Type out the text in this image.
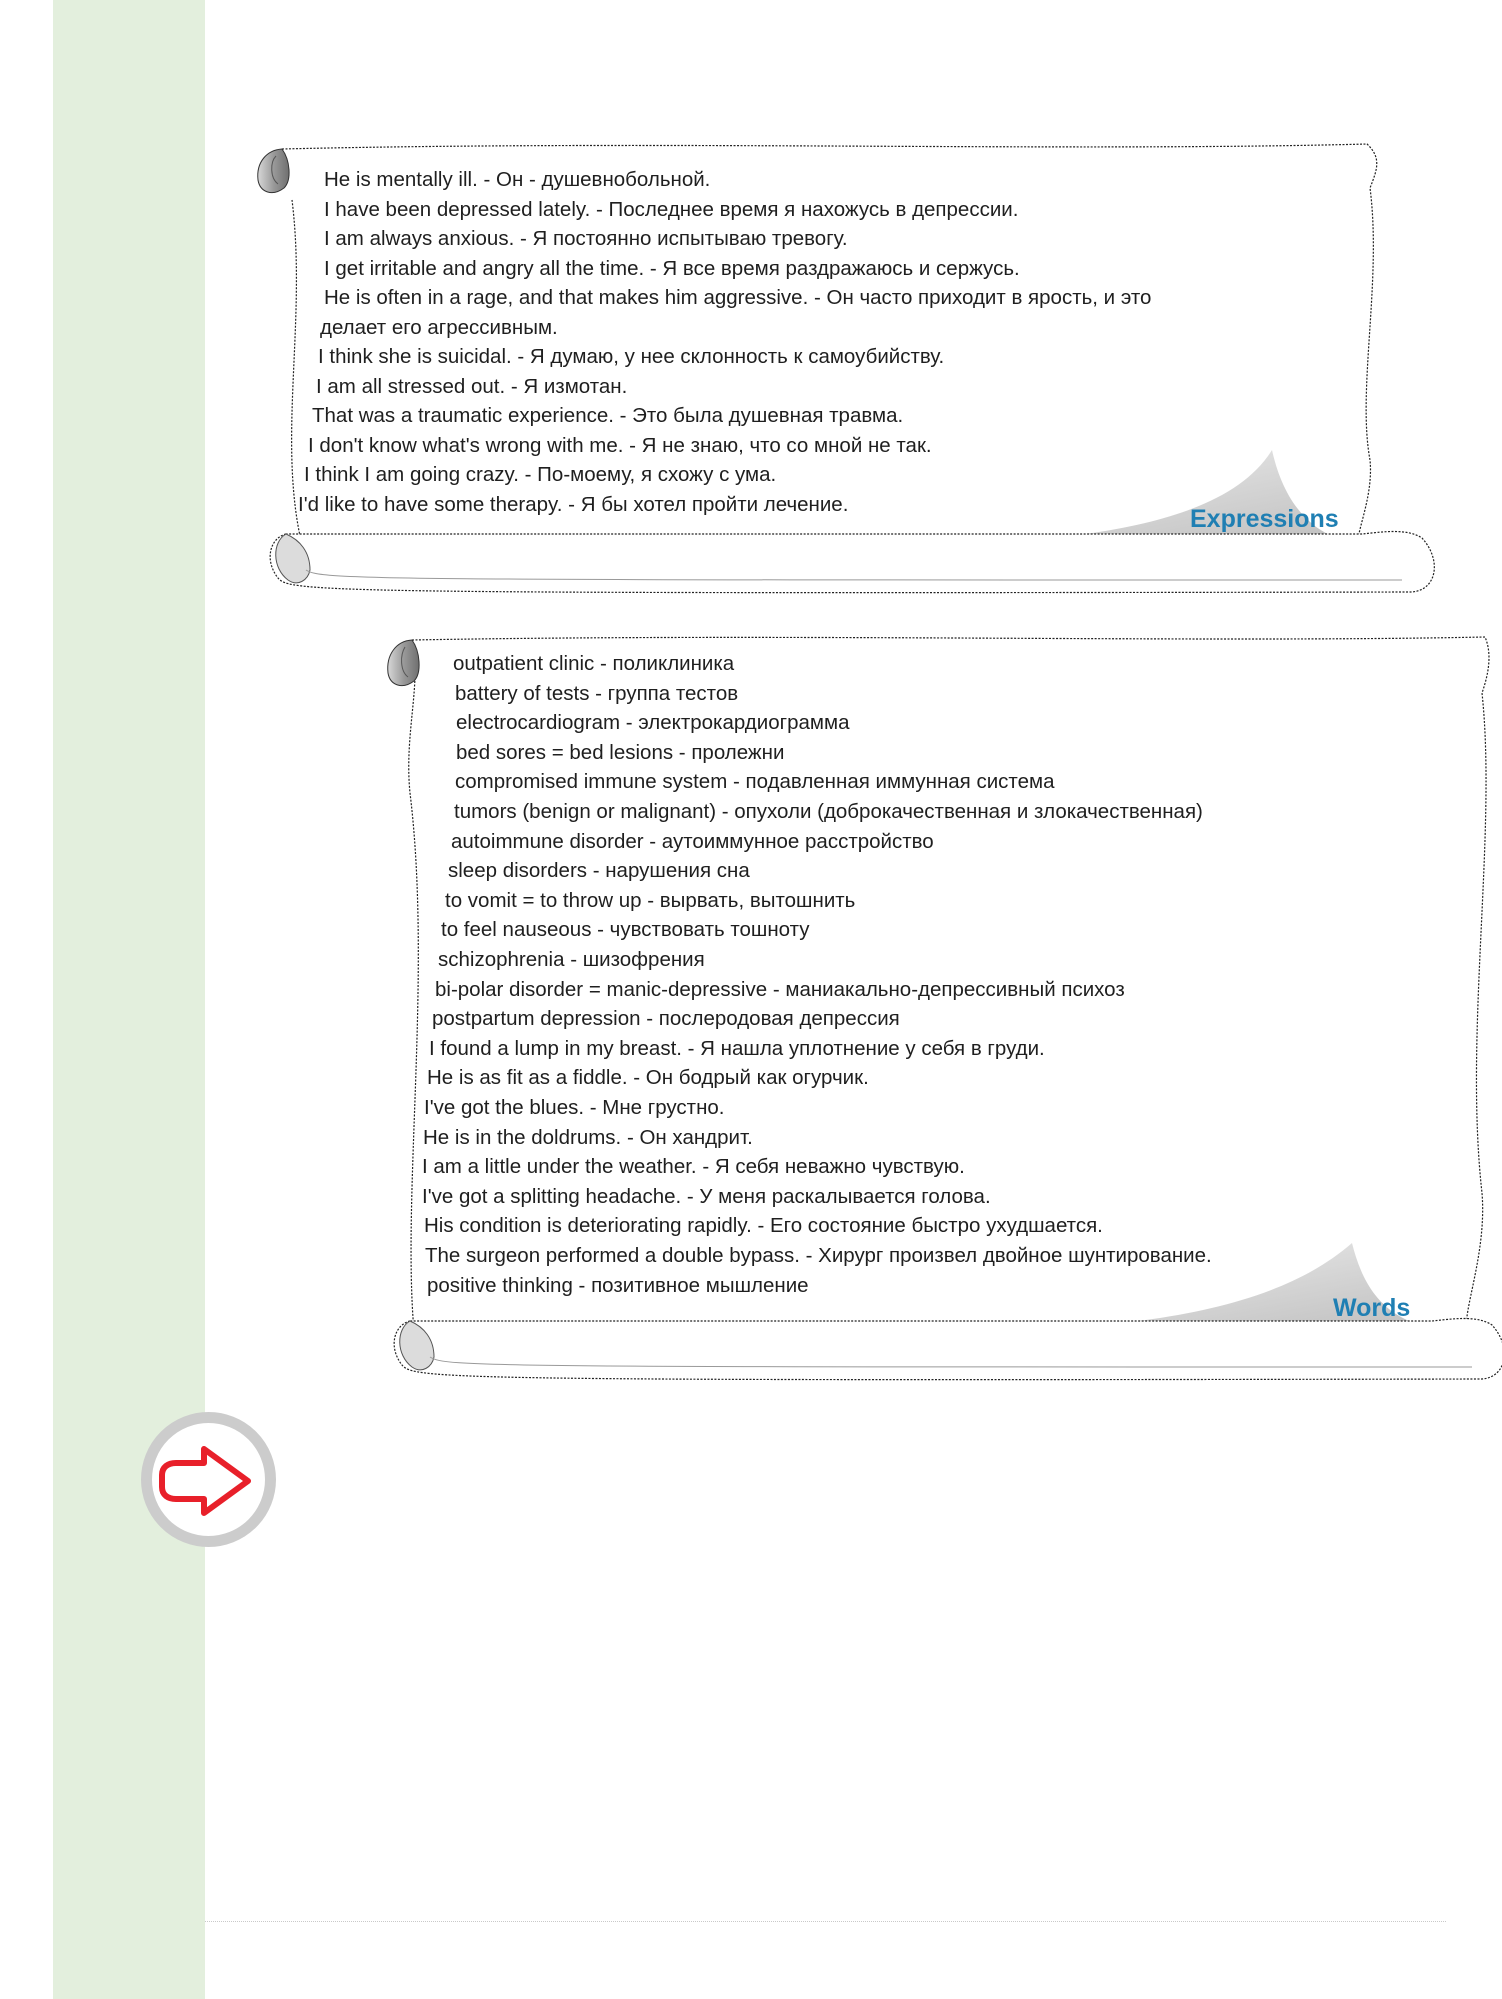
He is mentally ill. - Он - душевнобольной.
I have been depressed lately. - Последнее время я нахожусь в депрессии.
I am always anxious. - Я постоянно испытываю тревогу.
I get irritable and angry all the time. - Я все время раздражаюсь и сержусь.
He is often in a rage, and that makes him aggressive. - Он часто приходит в ярость, и это
делает его агрессивным.
I think she is suicidal. - Я думаю, у нее склонность к самоубийству.
I am all stressed out. - Я измотан.
That was a traumatic experience. - Это была душевная травма.
I don't know what's wrong with me. - Я не знаю, что со мной не так.
I think I am going crazy. - По-моему, я схожу с ума.
I'd like to have some therapy. - Я бы хотел пройти лечение.
Expressions
outpatient clinic - поликлиника
battery of tests - группа тестов
electrocardiogram - электрокардиограмма
bed sores = bed lesions - пролежни
compromised immune system - подавленная иммунная система
tumors (benign or malignant) - опухоли (доброкачественная и злокачественная)
autoimmune disorder - аутоиммунное расстройство
sleep disorders - нарушения сна
to vomit = to throw up - вырвать, вытошнить
to feel nauseous - чувствовать тошноту
schizophrenia - шизофрения
bi-polar disorder = manic-depressive - маниакально-депрессивный психоз
postpartum depression - послеродовая депрессия
I found a lump in my breast. - Я нашла уплотнение у себя в груди.
He is as fit as a fiddle. - Он бодрый как огурчик.
I've got the blues. - Мне грустно.
He is in the doldrums. - Он хандрит.
I am a little under the weather. - Я себя неважно чувствую.
I've got a splitting headache. - У меня раскалывается голова.
His condition is deteriorating rapidly. - Его состояние быстро ухудшается.
The surgeon performed a double bypass. - Хирург произвел двойное шунтирование.
positive thinking - позитивное мышление
Words
